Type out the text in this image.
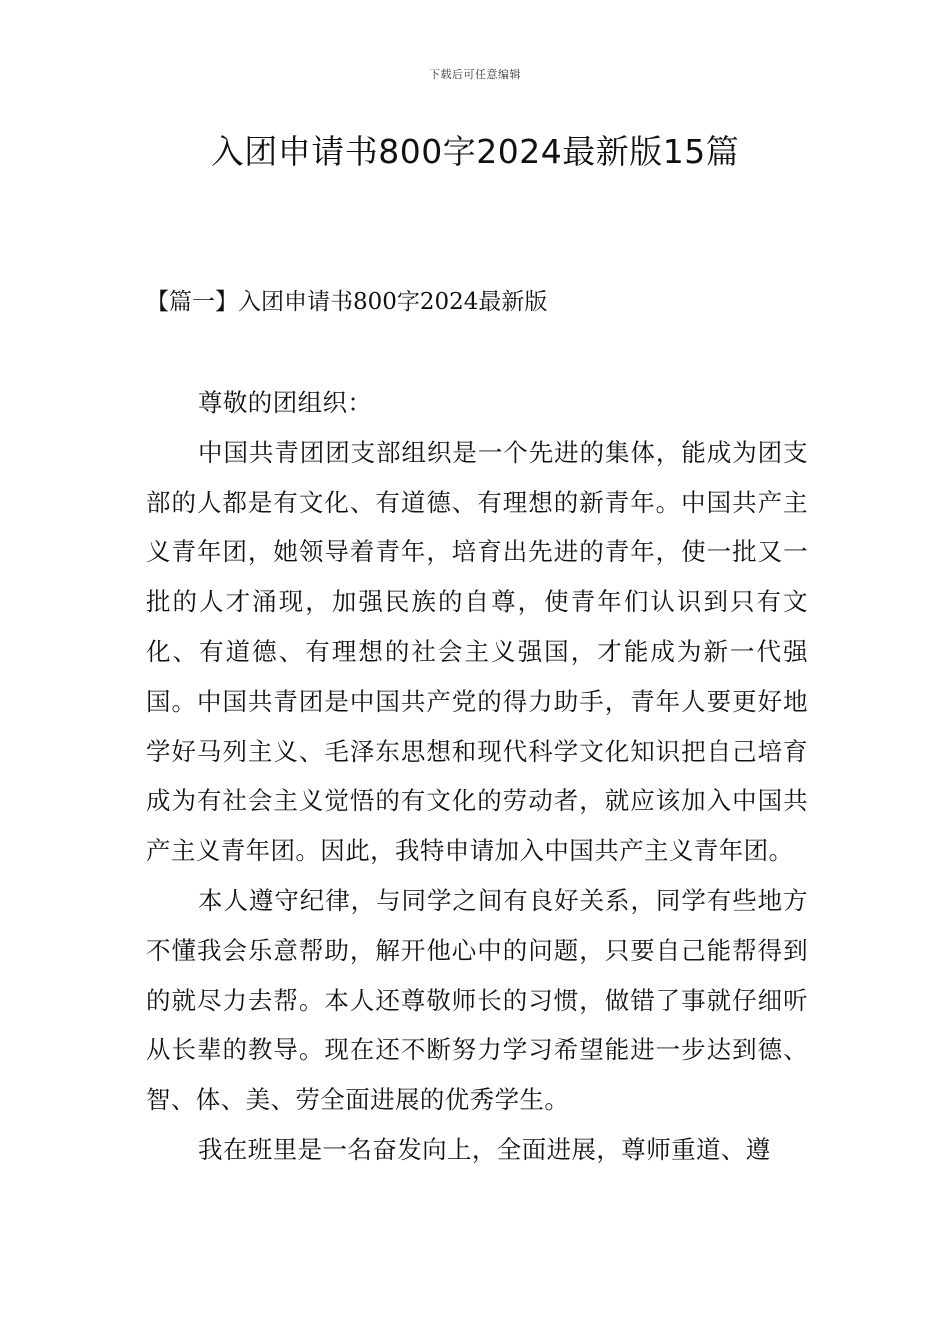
下载后可任意编辑
入团申请书800字2024最新版15篇
【篇一】入团申请书800字2024最新版

尊敬的团组织：

中国共青团团支部组织是一个先进的集体，能成为团支部的人都是有文化、有道德、有理想的新青年。中国共产主义青年团，她领导着青年，培育出先进的青年，使一批又一批的人才涌现，加强民族的自尊，使青年们认识到只有文化、有道德、有理想的社会主义强国，才能成为新一代强国。中国共青团是中国共产党的得力助手，青年人要更好地学好马列主义、毛泽东思想和现代科学文化知识把自己培育成为有社会主义觉悟的有文化的劳动者，就应该加入中国共产主义青年团。因此，我特申请加入中国共产主义青年团。

本人遵守纪律，与同学之间有良好关系，同学有些地方不懂我会乐意帮助，解开他心中的问题，只要自己能帮得到的就尽力去帮。本人还尊敬师长的习惯，做错了事就仔细听从长辈的教导。现在还不断努力学习希望能进一步达到德、智、体、美、劳全面进展的优秀学生。

我在班里是一名奋发向上，全面进展，尊师重道、遵
